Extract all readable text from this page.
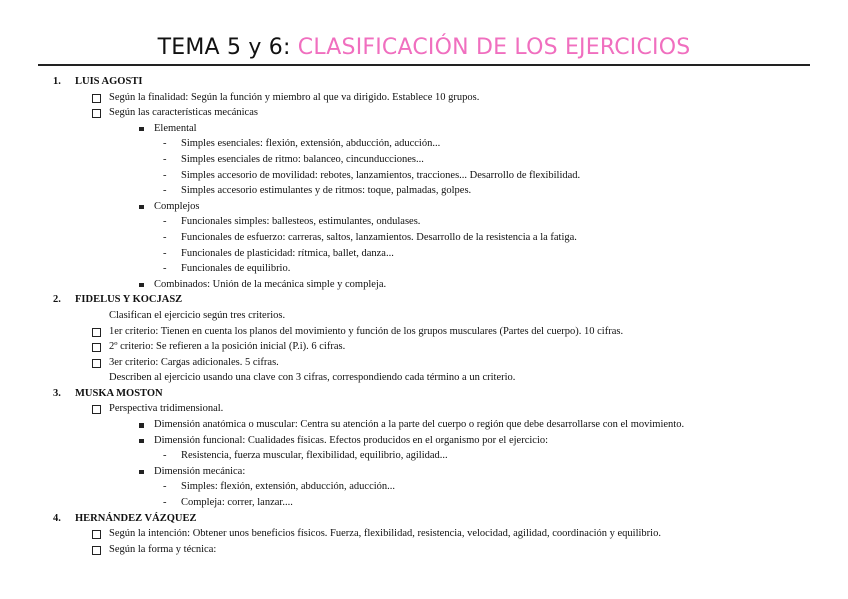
TEMA 5 y 6: CLASIFICACIÓN DE LOS EJERCICIOS
1. LUIS AGOSTI
Según la finalidad: Según la función y miembro al que va dirigido. Establece 10 grupos.
Según las características mecánicas
Elemental
- Simples esenciales: flexión, extensión, abducción, aducción...
- Simples esenciales de ritmo: balanceo, cincunducciones...
- Simples accesorio de movilidad: rebotes, lanzamientos, tracciones... Desarrollo de flexibilidad.
- Simples accesorio estimulantes y de ritmos: toque, palmadas, golpes.
Complejos
- Funcionales simples: ballesteos, estimulantes, ondulases.
- Funcionales de esfuerzo: carreras, saltos, lanzamientos. Desarrollo de la resistencia a la fatiga.
- Funcionales de plasticidad: rítmica, ballet, danza...
- Funcionales de equilibrio.
Combinados: Unión de la mecánica simple y compleja.
2. FIDELUS Y KOCJASZ
Clasifican el ejercicio según tres criterios.
1er criterio: Tienen en cuenta los planos del movimiento y función de los grupos musculares (Partes del cuerpo). 10 cifras.
2º criterio: Se refieren a la posición inicial (P.i). 6 cifras.
3er criterio: Cargas adicionales. 5 cifras.
Describen al ejercicio usando una clave con 3 cifras, correspondiendo cada término a un criterio.
3. MUSKA MOSTON
Perspectiva tridimensional.
Dimensión anatómica o muscular: Centra su atención a la parte del cuerpo o región que debe desarrollarse con el movimiento.
Dimensión funcional: Cualidades físicas. Efectos producidos en el organismo por el ejercicio:
- Resistencia, fuerza muscular, flexibilidad, equilibrio, agilidad...
Dimensión mecánica:
- Simples: flexión, extensión, abducción, aducción...
- Compleja: correr, lanzar....
4. HERNÁNDEZ VÁZQUEZ
Según la intención: Obtener unos beneficios físicos. Fuerza, flexibilidad, resistencia, velocidad, agilidad, coordinación y equilibrio.
Según la forma y técnica:
